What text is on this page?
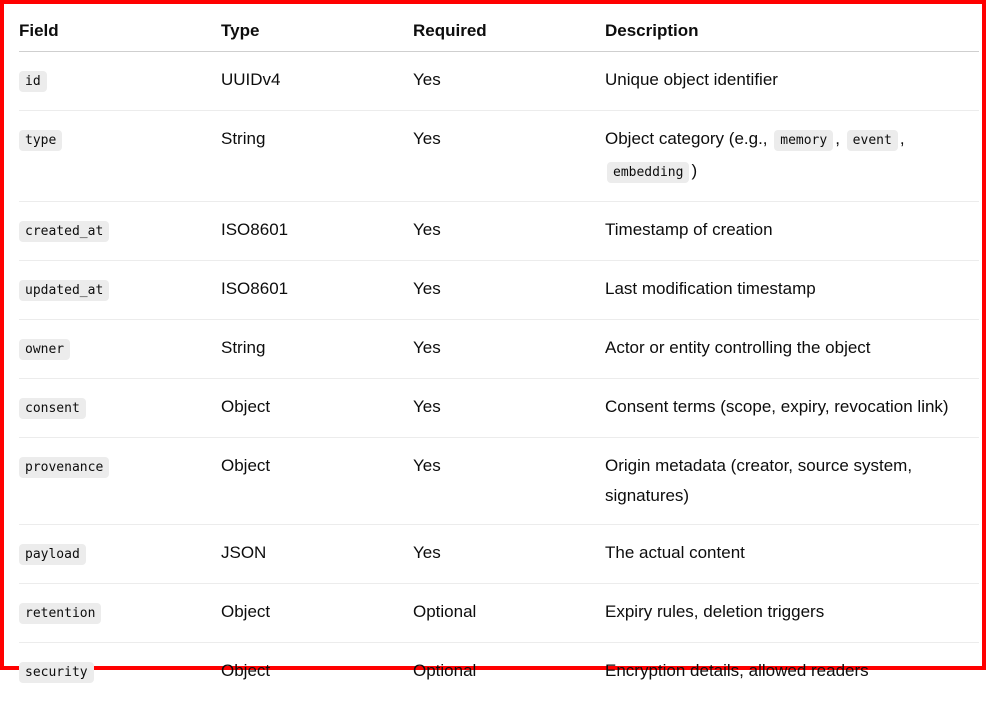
Field	Type	Required	Description
id	UUIDv4	Yes	Unique object identifier
type	String	Yes	Object category (e.g., memory , event , embedding )
created_at	ISO8601	Yes	Timestamp of creation
updated_at	ISO8601	Yes	Last modification timestamp
owner	String	Yes	Actor or entity controlling the object
consent	Object	Yes	Consent terms (scope, expiry, revocation link)
provenance	Object	Yes	Origin metadata (creator, source system, signatures)
payload	JSON	Yes	The actual content
retention	Object	Optional	Expiry rules, deletion triggers
security	Object	Optional	Encryption details, allowed readers
